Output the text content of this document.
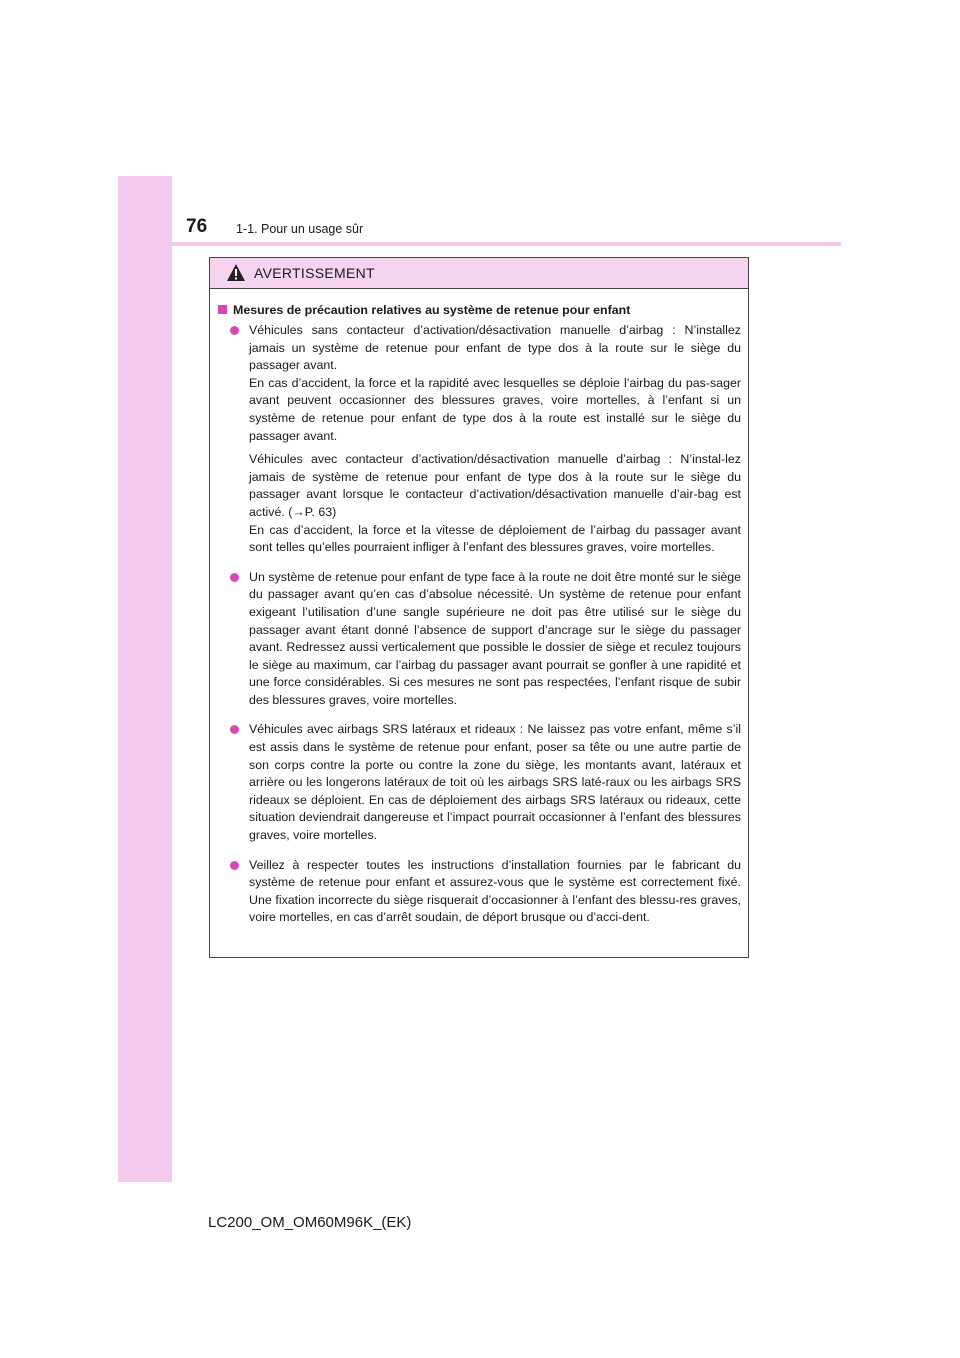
76 1-1. Pour un usage sûr
AVERTISSEMENT
Mesures de précaution relatives au système de retenue pour enfant

Véhicules sans contacteur d’activation/désactivation manuelle d’airbag : N’installez jamais un système de retenue pour enfant de type dos à la route sur le siège du passager avant.

En cas d’accident, la force et la rapidité avec lesquelles se déploie l’airbag du pas-sager avant peuvent occasionner des blessures graves, voire mortelles, à l’enfant si un système de retenue pour enfant de type dos à la route est installé sur le siège du passager avant.

Véhicules avec contacteur d’activation/désactivation manuelle d’airbag : N’instal-lez jamais de système de retenue pour enfant de type dos à la route sur le siège du passager avant lorsque le contacteur d’activation/désactivation manuelle d’air-bag est activé. (→P. 63)

En cas d’accident, la force et la vitesse de déploiement de l’airbag du passager avant sont telles qu’elles pourraient infliger à l’enfant des blessures graves, voire mortelles.

Un système de retenue pour enfant de type face à la route ne doit être monté sur le siège du passager avant qu’en cas d’absolue nécessité. Un système de retenue pour enfant exigeant l’utilisation d’une sangle supérieure ne doit pas être utilisé sur le siège du passager avant étant donné l’absence de support d’ancrage sur le siège du passager avant. Redressez aussi verticalement que possible le dossier de siège et reculez toujours le siège au maximum, car l’airbag du passager avant pourrait se gonfler à une rapidité et une force considérables. Si ces mesures ne sont pas respectées, l’enfant risque de subir des blessures graves, voire mortelles.

Véhicules avec airbags SRS latéraux et rideaux : Ne laissez pas votre enfant, même s’il est assis dans le système de retenue pour enfant, poser sa tête ou une autre partie de son corps contre la porte ou contre la zone du siège, les montants avant, latéraux et arrière ou les longerons latéraux de toit où les airbags SRS laté-raux ou les airbags SRS rideaux se déploient. En cas de déploiement des airbags SRS latéraux ou rideaux, cette situation deviendrait dangereuse et l’impact pourrait occasionner à l’enfant des blessures graves, voire mortelles.

Veillez à respecter toutes les instructions d’installation fournies par le fabricant du système de retenue pour enfant et assurez-vous que le système est correctement fixé. Une fixation incorrecte du siège risquerait d’occasionner à l’enfant des blessu-res graves, voire mortelles, en cas d’arrêt soudain, de déport brusque ou d’acci-dent.

LC200_OM_OM60M96K_(EK)
